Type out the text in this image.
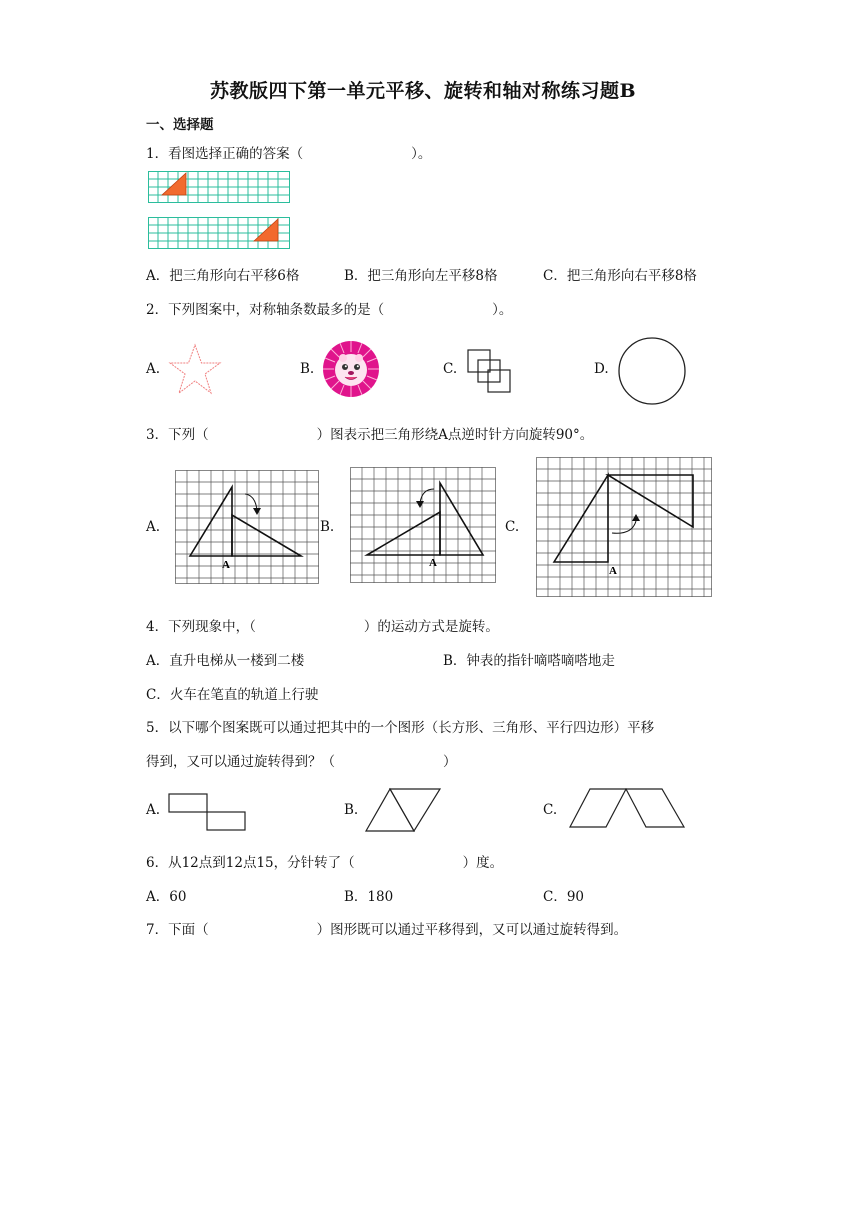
苏教版四下第一单元平移、旋转和轴对称练习题B
一、选择题
1．看图选择正确的答案（	）。
A．把三角形向右平移6格	B．把三角形向左平移8格	C．把三角形向右平移8格
2．下列图案中，对称轴条数最多的是（	）。
A.	B.	C.	D.
3．下列（	）图表示把三角形绕A点逆时针方向旋转90°。
A.
A
B.
A
C.
A
4．下列现象中，（	）的运动方式是旋转。
A．直升电梯从一楼到二楼	B．钟表的指针嘀嗒嘀嗒地走
C．火车在笔直的轨道上行驶
5．以下哪个图案既可以通过把其中的一个图形（长方形、三角形、平行四边形）平移
得到，又可以通过旋转得到？（	）
A.	B.	C.
6．从12点到12点15，分针转了（	）度。
A．60	B．180	C．90
7．下面（	）图形既可以通过平移得到，又可以通过旋转得到。
